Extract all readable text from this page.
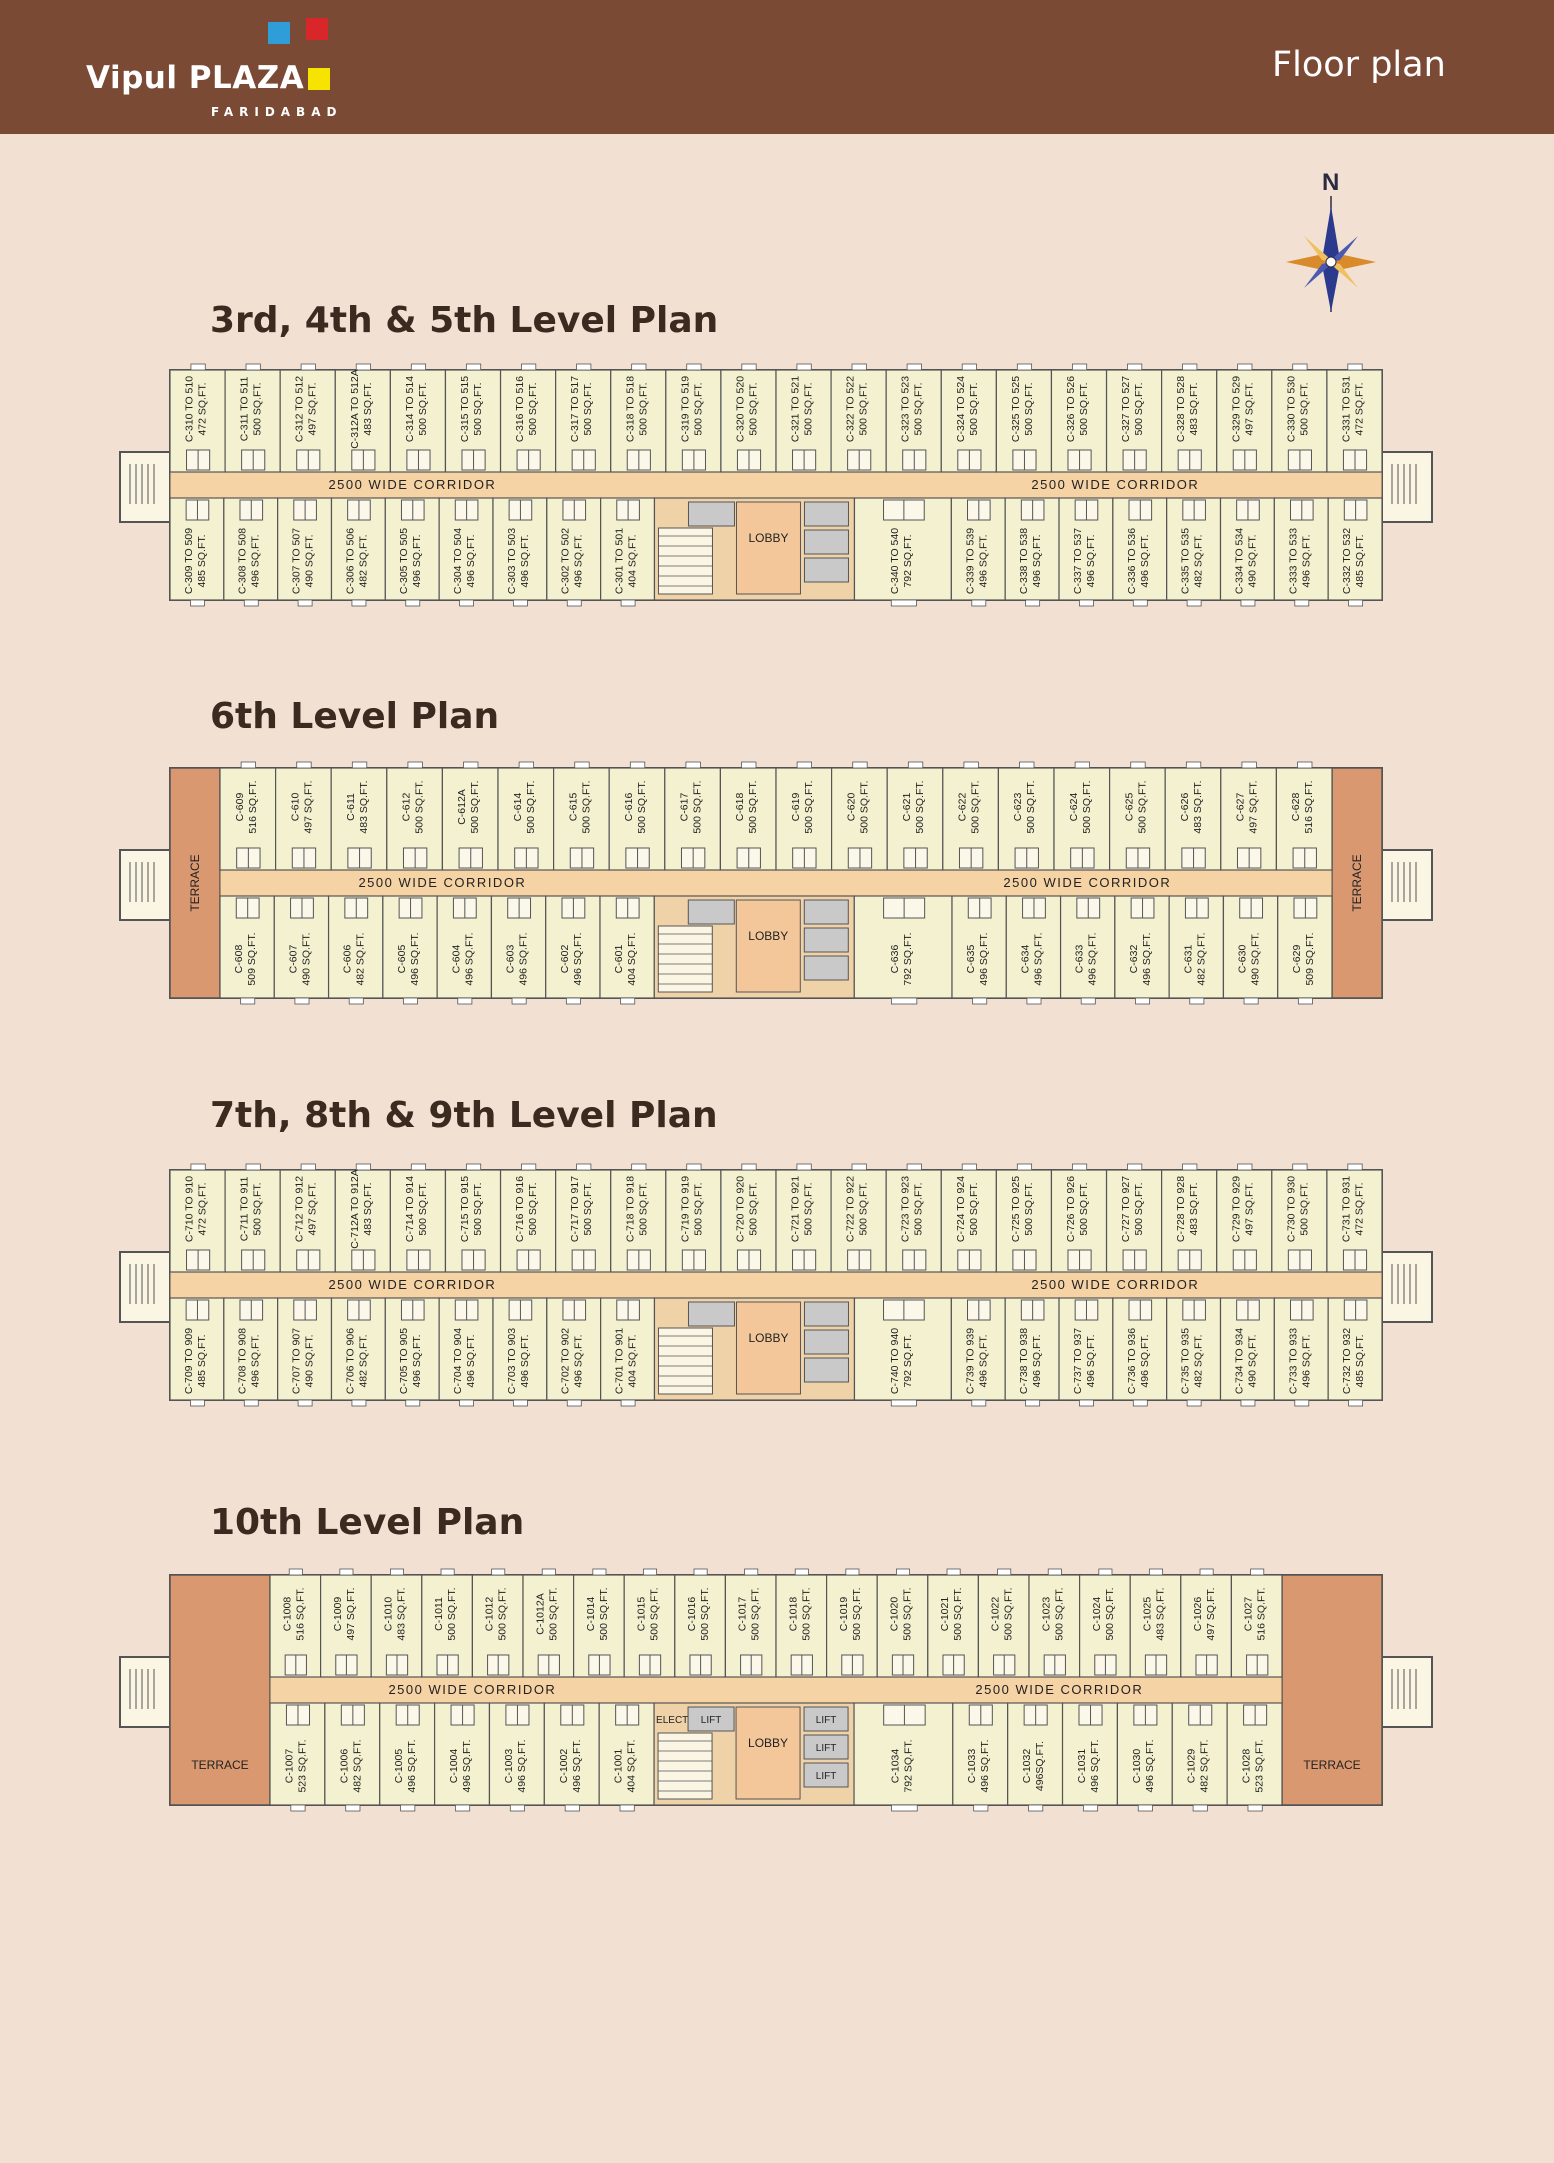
Vipul PLAZA
FARIDABAD
Floor plan
N
3rd, 4th & 5th Level Plan
6th Level Plan
7th, 8th & 9th Level Plan
10th Level Plan
2500 WIDE CORRIDOR	2500 WIDE CORRIDOR
C-310 TO 510 472 SQ.FT.	C-311 TO 511 500 SQ.FT.	C-312 TO 512 497 SQ.FT.	C-312A TO 512A 483 SQ.FT.	C-314 TO 514 500 SQ.FT.	C-315 TO 515 500 SQ.FT.	C-316 TO 516 500 SQ.FT.	C-317 TO 517 500 SQ.FT.	C-318 TO 518 500 SQ.FT.	C-319 TO 519 500 SQ.FT.	C-320 TO 520 500 SQ.FT.	C-321 TO 521 500 SQ.FT.	C-322 TO 522 500 SQ.FT.	C-323 TO 523 500 SQ.FT.	C-324 TO 524 500 SQ.FT.	C-325 TO 525 500 SQ.FT.	C-326 TO 526 500 SQ.FT.	C-327 TO 527 500 SQ.FT.	C-328 TO 528 483 SQ.FT.	C-329 TO 529 497 SQ.FT.	C-330 TO 530 500 SQ.FT.	C-331 TO 531 472 SQ.FT.
C-309 TO 509 485 SQ.FT.	C-308 TO 508 496 SQ.FT.	C-307 TO 507 490 SQ.FT.	C-306 TO 506 482 SQ.FT.	C-305 TO 505 496 SQ.FT.	C-304 TO 504 496 SQ.FT.	C-303 TO 503 496 SQ.FT.	C-302 TO 502 496 SQ.FT.	C-301 TO 501 404 SQ.FT.	LOBBY	C-340 TO 540 792 SQ.FT.	C-339 TO 539 496 SQ.FT.	C-338 TO 538 496 SQ.FT.	C-337 TO 537 496 SQ.FT.	C-336 TO 536 496 SQ.FT.	C-335 TO 535 482 SQ.FT.	C-334 TO 534 490 SQ.FT.	C-333 TO 533 496 SQ.FT.	C-332 TO 532 485 SQ.FT.
TERRACE	TERRACE
2500 WIDE CORRIDOR	2500 WIDE CORRIDOR
C-609 516 SQ.FT.	C-610 497 SQ.FT.	C-611 483 SQ.FT.	C-612 500 SQ.FT.	C-612A 500 SQ.FT.	C-614 500 SQ.FT.	C-615 500 SQ.FT.	C-616 500 SQ.FT.	C-617 500 SQ.FT.	C-618 500 SQ.FT.	C-619 500 SQ.FT.	C-620 500 SQ.FT.	C-621 500 SQ.FT.	C-622 500 SQ.FT.	C-623 500 SQ.FT.	C-624 500 SQ.FT.	C-625 500 SQ.FT.	C-626 483 SQ.FT.	C-627 497 SQ.FT.	C-628 516 SQ.FT.
C-608 509 SQ.FT.	C-607 490 SQ.FT.	C-606 482 SQ.FT.	C-605 496 SQ.FT.	C-604 496 SQ.FT.	C-603 496 SQ.FT.	C-602 496 SQ.FT.	C-601 404 SQ.FT.	LOBBY
C-636 792 SQ.FT.	C-635 496 SQ.FT.	C-634 496 SQ.FT.	C-633 496 SQ.FT.	C-632 496 SQ.FT.	C-631 482 SQ.FT.	C-630 490 SQ.FT.	C-629 509 SQ.FT.
2500 WIDE CORRIDOR	2500 WIDE CORRIDOR
C-710 TO 910 472 SQ.FT.	C-711 TO 911 500 SQ.FT.	C-712 TO 912 497 SQ.FT.	C-712A TO 912A 483 SQ.FT.	C-714 TO 914 500 SQ.FT.	C-715 TO 915 500 SQ.FT.	C-716 TO 916 500 SQ.FT.	C-717 TO 917 500 SQ.FT.	C-718 TO 918 500 SQ.FT.	C-719 TO 919 500 SQ.FT.	C-720 TO 920 500 SQ.FT.	C-721 TO 921 500 SQ.FT.	C-722 TO 922 500 SQ.FT.	C-723 TO 923 500 SQ.FT.	C-724 TO 924 500 SQ.FT.	C-725 TO 925 500 SQ.FT.	C-726 TO 926 500 SQ.FT.	C-727 TO 927 500 SQ.FT.	C-728 TO 928 483 SQ.FT.	C-729 TO 929 497 SQ.FT.	C-730 TO 930 500 SQ.FT.	C-731 TO 931 472 SQ.FT.
C-709 TO 909 485 SQ.FT.	C-708 TO 908 496 SQ.FT.	C-707 TO 907 490 SQ.FT.	C-706 TO 906 482 SQ.FT.	C-705 TO 905 496 SQ.FT.	C-704 TO 904 496 SQ.FT.	C-703 TO 903 496 SQ.FT.	C-702 TO 902 496 SQ.FT.	C-701 TO 901 404 SQ.FT.	LOBBY	C-740 TO 940 792 SQ.FT.	C-739 TO 939 496 SQ.FT.	C-738 TO 938 496 SQ.FT.	C-737 TO 937 496 SQ.FT.	C-736 TO 936 496 SQ.FT.	C-735 TO 935 482 SQ.FT.	C-734 TO 934 490 SQ.FT.	C-733 TO 933 496 SQ.FT.	C-732 TO 932 485 SQ.FT.
TERRACE	TERRACE
2500 WIDE CORRIDOR	2500 WIDE CORRIDOR
C-1008 516 SQ.FT. C-1009 497 SQ.FT. C-1010 483 SQ.FT. C-1011 500 SQ.FT. C-1012 500 SQ.FT. C-1012A 500 SQ.FT. C-1014 500 SQ.FT. C-1015 500 SQ.FT. C-1016 500 SQ.FT. C-1017 500 SQ.FT. C-1018 500 SQ.FT. C-1019 500 SQ.FT. C-1020 500 SQ.FT. C-1021 500 SQ.FT. C-1022 500 SQ.FT. C-1023 500 SQ.FT. C-1024 500 SQ.FT. C-1025 483 SQ.FT. C-1026 497 SQ.FT. C-1027 516 SQ.FT.
C-1007 523 SQ.FT.	C-1006 482 SQ.FT.	C-1005 496 SQ.FT.	C-1004 496 SQ.FT.	C-1003 496 SQ.FT.	C-1002 496 SQ.FT.	C-1001 404 SQ.FT.	LOBBY
ELECT LIFT	LIFT
LIFT
LIFT	C-1034 792 SQ.FT.	C-1033 496 SQ.FT.	C-1032 496SQ.FT.	C-1031 496 SQ.FT.	C-1030 496 SQ.FT.	C-1029 482 SQ.FT.	C-1028 523 SQ.FT.
